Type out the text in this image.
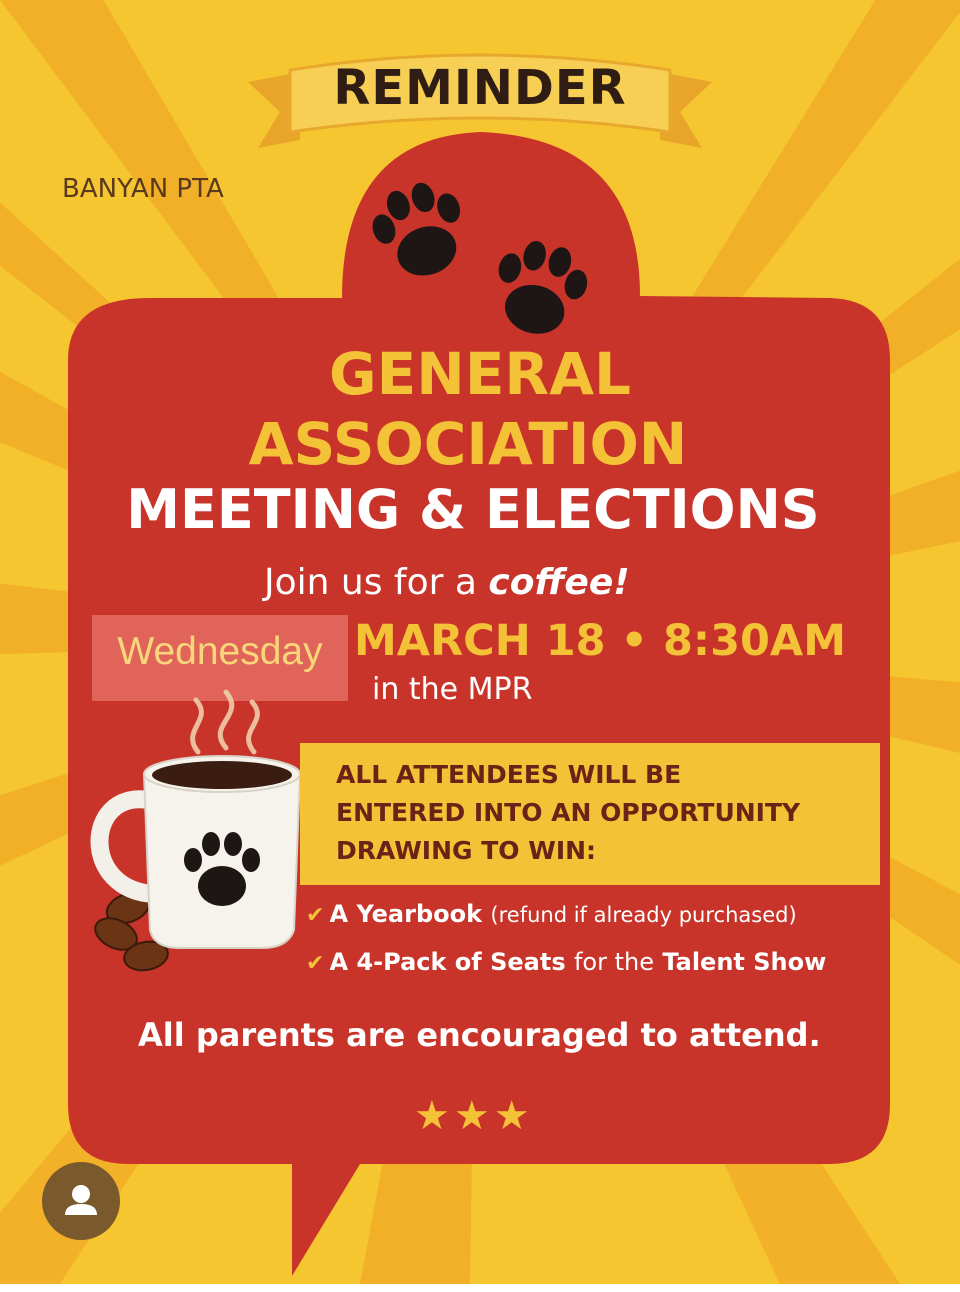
REMINDER
BANYAN PTA
GENERAL
ASSOCIATION
MEETING & ELECTIONS
Join us for a coffee!
Wednesday MARCH 18 • 8:30AM
in the MPR
ALL ATTENDEES WILL BE
ENTERED INTO AN OPPORTUNITY
DRAWING TO WIN:
✔ A Yearbook (refund if already purchased)
✔ A 4-Pack of Seats for the Talent Show
All parents are encouraged to attend.
★★★
